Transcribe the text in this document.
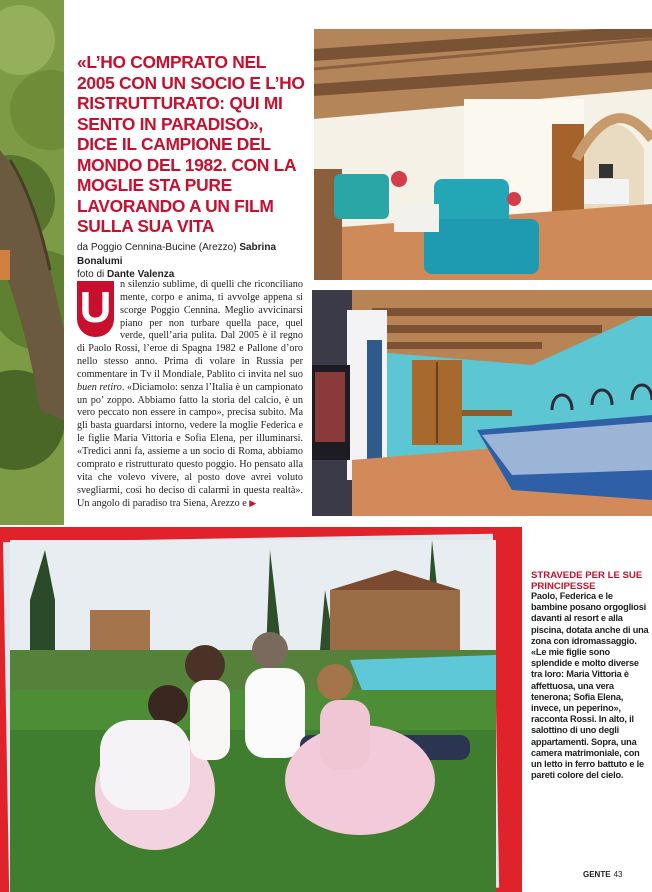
«L’HO COMPRATO NEL 2005 CON UN SOCIO E L’HO RISTRUTTURATO: QUI MI SENTO IN PARADISO», DICE IL CAMPIONE DEL MONDO DEL 1982. CON LA MOGLIE STA PURE LAVORANDO A UN FILM SULLA SUA VITA
da Poggio Cennina-Bucine (Arezzo) Sabrina Bonalumi
foto di Dante Valenza
U n silenzio sublime, di quelli che riconciliano mente, corpo e anima, ti avvolge appena si scorge Poggio Cennina. Meglio avvicinarsi piano per non turbare quella pace, quel verde, quell’aria pulita. Dal 2005 è il regno di Paolo Rossi, l’eroe di Spagna 1982 e Pallone d’oro nello stesso anno. Prima di volare in Russia per commentare in Tv il Mondiale, Pablito ci invita nel suo buen retiro. «Diciamolo: senza l’Italia è un campionato un po’ zoppo. Abbiamo fatto la storia del calcio, è un vero peccato non essere in campo», precisa subito. Ma gli basta guardarsi intorno, vedere la moglie Federica e le figlie Maria Vittoria e Sofia Elena, per illuminarsi. «Tredici anni fa, assieme a un socio di Roma, abbiamo comprato e ristrutturato questo poggio. Ho pensato alla vita che volevo vivere, al posto dove avrei voluto svegliarmi, così ho deciso di calarmi in questa realtà». Un angolo di paradiso tra Siena, Arezzo e ▶
STRAVEDE PER LE SUE PRINCIPESSE
Paolo, Federica e le bambine posano orgogliosi davanti al resort e alla piscina, dotata anche di una zona con idromassaggio. «Le mie figlie sono splendide e molto diverse tra loro: Maria Vittoria è affettuosa, una vera tenerona; Sofia Elena, invece, un peperino», racconta Rossi. In alto, il salottino di uno degli appartamenti. Sopra, una camera matrimoniale, con un letto in ferro battuto e le pareti colore del cielo.
GENTE 43
